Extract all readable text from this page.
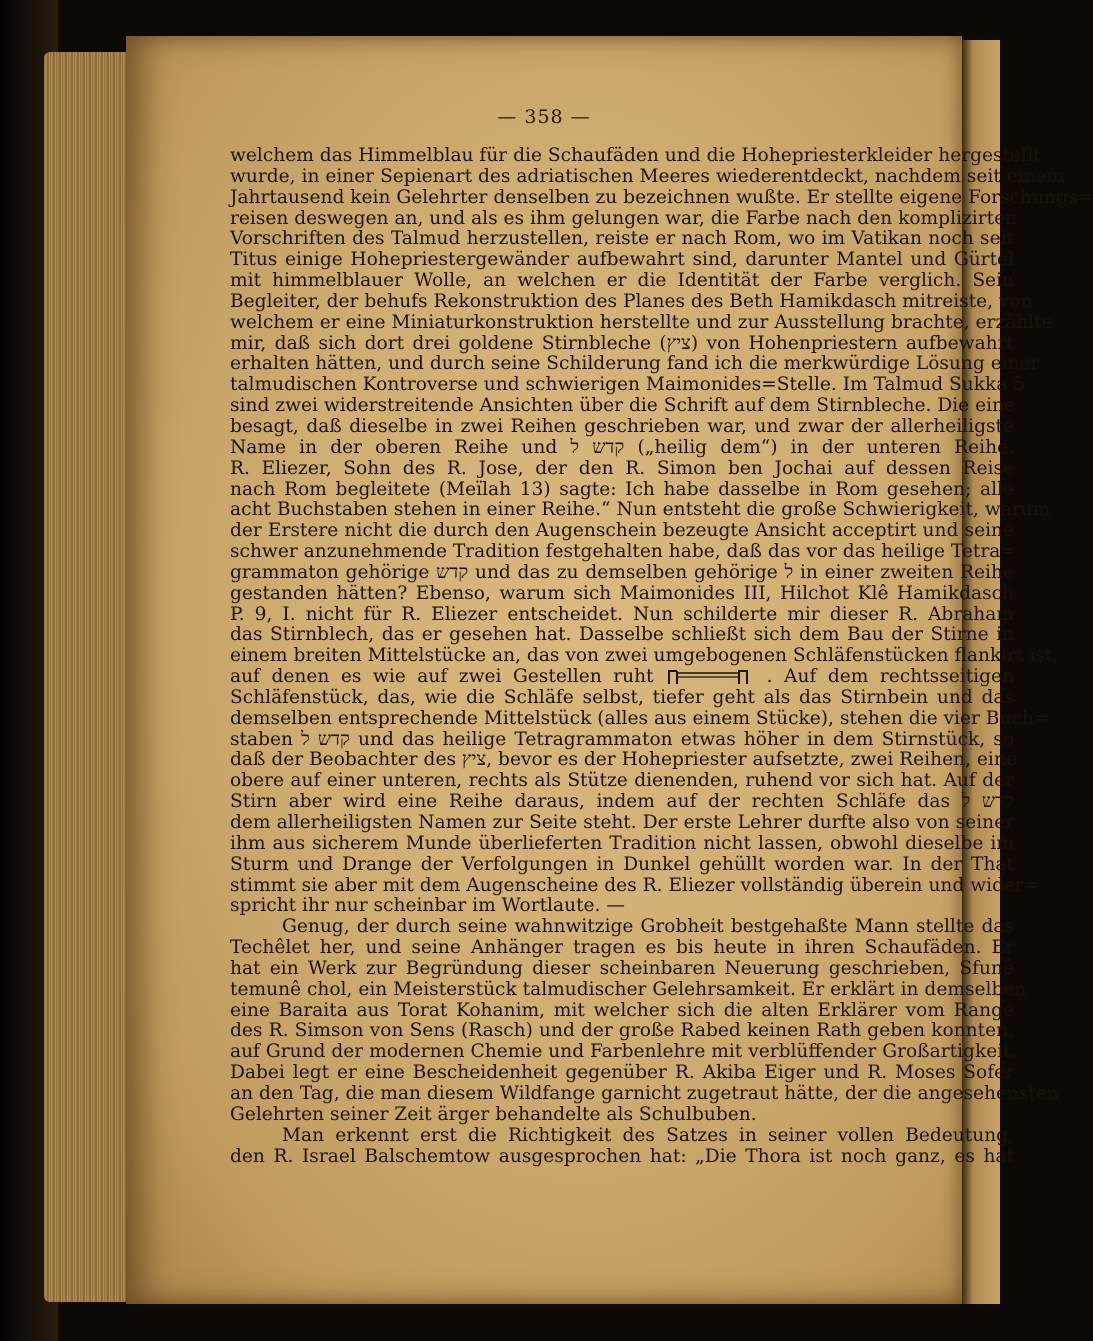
— 358 —
welchem das Himmelblau für die Schaufäden und die Hohepriesterkleider hergestellt
wurde, in einer Sepienart des adriatischen Meeres wiederentdeckt, nachdem seit einem
Jahrtausend kein Gelehrter denselben zu bezeichnen wußte. Er stellte eigene Forschungs=
reisen deswegen an, und als es ihm gelungen war, die Farbe nach den komplizirten
Vorschriften des Talmud herzustellen, reiste er nach Rom, wo im Vatikan noch seit
Titus einige Hohepriestergewänder aufbewahrt sind, darunter Mantel und Gürtel
mit himmelblauer Wolle, an welchen er die Identität der Farbe verglich. Sein
Begleiter, der behufs Rekonstruktion des Planes des Beth Hamikdasch mitreiste, von
welchem er eine Miniaturkonstruktion herstellte und zur Ausstellung brachte, erzählte
mir, daß sich dort drei goldene Stirnbleche (ציץ) von Hohenpriestern aufbewahrt
erhalten hätten, und durch seine Schilderung fand ich die merkwürdige Lösung einer
talmudischen Kontroverse und schwierigen Maimonides=Stelle. Im Talmud Sukka 5
sind zwei widerstreitende Ansichten über die Schrift auf dem Stirnbleche. Die eine
besagt, daß dieselbe in zwei Reihen geschrieben war, und zwar der allerheiligste
Name in der oberen Reihe und קדש ל („heilig dem“) in der unteren Reihe.
R. Eliezer, Sohn des R. Jose, der den R. Simon ben Jochai auf dessen Reise
nach Rom begleitete (Meïlah 13) sagte: Ich habe dasselbe in Rom gesehen; alle
acht Buchstaben stehen in einer Reihe.“ Nun entsteht die große Schwierigkeit, warum
der Erstere nicht die durch den Augenschein bezeugte Ansicht acceptirt und seine
schwer anzunehmende Tradition festgehalten habe, daß das vor das heilige Tetra=
grammaton gehörige קדש und das zu demselben gehörige ל in einer zweiten Reihe
gestanden hätten? Ebenso, warum sich Maimonides III, Hilchot Klê Hamikdasch
P. 9, I. nicht für R. Eliezer entscheidet. Nun schilderte mir dieser R. Abraham
das Stirnblech, das er gesehen hat. Dasselbe schließt sich dem Bau der Stirne in
einem breiten Mittelstücke an, das von zwei umgebogenen Schläfenstücken flankirt ist,
auf denen es wie auf zwei Gestellen ruht	. Auf dem rechtsseitigen
Schläfenstück, das, wie die Schläfe selbst, tiefer geht als das Stirnbein und das
demselben entsprechende Mittelstück (alles aus einem Stücke), stehen die vier Buch=
staben קדש ל und das heilige Tetragrammaton etwas höher in dem Stirnstück, so
daß der Beobachter des ציץ, bevor es der Hohepriester aufsetzte, zwei Reihen, eine
obere auf einer unteren, rechts als Stütze dienenden, ruhend vor sich hat. Auf der
Stirn aber wird eine Reihe daraus, indem auf der rechten Schläfe das קדש ל
dem allerheiligsten Namen zur Seite steht. Der erste Lehrer durfte also von seiner
ihm aus sicherem Munde überlieferten Tradition nicht lassen, obwohl dieselbe im
Sturm und Drange der Verfolgungen in Dunkel gehüllt worden war. In der That
stimmt sie aber mit dem Augenscheine des R. Eliezer vollständig überein und wider=
spricht ihr nur scheinbar im Wortlaute. —
Genug, der durch seine wahnwitzige Grobheit bestgehaßte Mann stellte das
Techêlet her, und seine Anhänger tragen es bis heute in ihren Schaufäden. Er
hat ein Werk zur Begründung dieser scheinbaren Neuerung geschrieben, Sfunê
temunê chol, ein Meisterstück talmudischer Gelehrsamkeit. Er erklärt in demselben
eine Baraita aus Torat Kohanim, mit welcher sich die alten Erklärer vom Range
des R. Simson von Sens (Rasch) und der große Rabed keinen Rath geben konnten,
auf Grund der modernen Chemie und Farbenlehre mit verblüffender Großartigkeit.
Dabei legt er eine Bescheidenheit gegenüber R. Akiba Eiger und R. Moses Sofer
an den Tag, die man diesem Wildfange garnicht zugetraut hätte, der die angesehensten
Gelehrten seiner Zeit ärger behandelte als Schulbuben.
Man erkennt erst die Richtigkeit des Satzes in seiner vollen Bedeutung,
den R. Israel Balschemtow ausgesprochen hat: „Die Thora ist noch ganz, es hat
